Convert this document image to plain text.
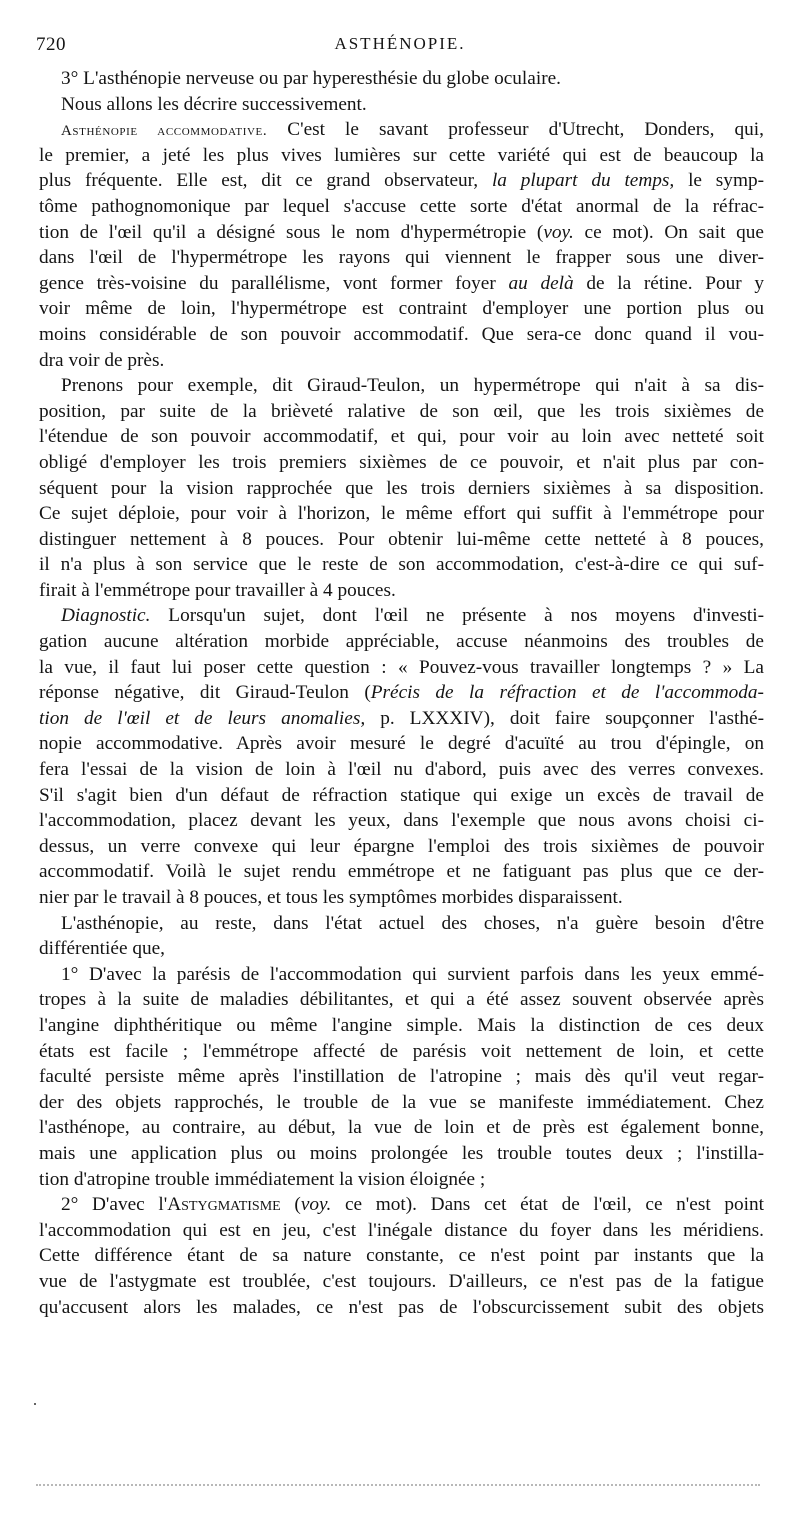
720	ASTHÉNOPIE.
3° L'asthénopie nerveuse ou par hyperesthésie du globe oculaire.
Nous allons les décrire successivement.
Asthénopie accommodative. C'est le savant professeur d'Utrecht, Donders, qui,
le premier, a jeté les plus vives lumières sur cette variété qui est de beaucoup la
plus fréquente. Elle est, dit ce grand observateur, la plupart du temps, le symp-
tôme pathognomonique par lequel s'accuse cette sorte d'état anormal de la réfrac-
tion de l'œil qu'il a désigné sous le nom d'hypermétropie (voy. ce mot). On sait que
dans l'œil de l'hypermétrope les rayons qui viennent le frapper sous une diver-
gence très-voisine du parallélisme, vont former foyer au delà de la rétine. Pour y
voir même de loin, l'hypermétrope est contraint d'employer une portion plus ou
moins considérable de son pouvoir accommodatif. Que sera-ce donc quand il vou-
dra voir de près.
Prenons pour exemple, dit Giraud-Teulon, un hypermétrope qui n'ait à sa dis-
position, par suite de la brièveté ralative de son œil, que les trois sixièmes de
l'étendue de son pouvoir accommodatif, et qui, pour voir au loin avec netteté soit
obligé d'employer les trois premiers sixièmes de ce pouvoir, et n'ait plus par con-
séquent pour la vision rapprochée que les trois derniers sixièmes à sa disposition.
Ce sujet déploie, pour voir à l'horizon, le même effort qui suffit à l'emmétrope pour
distinguer nettement à 8 pouces. Pour obtenir lui-même cette netteté à 8 pouces,
il n'a plus à son service que le reste de son accommodation, c'est-à-dire ce qui suf-
firait à l'emmétrope pour travailler à 4 pouces.
Diagnostic. Lorsqu'un sujet, dont l'œil ne présente à nos moyens d'investi-
gation aucune altération morbide appréciable, accuse néanmoins des troubles de
la vue, il faut lui poser cette question : « Pouvez-vous travailler longtemps ? » La
réponse négative, dit Giraud-Teulon (Précis de la réfraction et de l'accommoda-
tion de l'œil et de leurs anomalies, p. LXXXIV), doit faire soupçonner l'asthé-
nopie accommodative. Après avoir mesuré le degré d'acuïté au trou d'épingle, on
fera l'essai de la vision de loin à l'œil nu d'abord, puis avec des verres convexes.
S'il s'agit bien d'un défaut de réfraction statique qui exige un excès de travail de
l'accommodation, placez devant les yeux, dans l'exemple que nous avons choisi ci-
dessus, un verre convexe qui leur épargne l'emploi des trois sixièmes de pouvoir
accommodatif. Voilà le sujet rendu emmétrope et ne fatiguant pas plus que ce der-
nier par le travail à 8 pouces, et tous les symptômes morbides disparaissent.
L'asthénopie, au reste, dans l'état actuel des choses, n'a guère besoin d'être
différentiée que,
1° D'avec la parésis de l'accommodation qui survient parfois dans les yeux emmé-
tropes à la suite de maladies débilitantes, et qui a été assez souvent observée après
l'angine diphthéritique ou même l'angine simple. Mais la distinction de ces deux
états est facile ; l'emmétrope affecté de parésis voit nettement de loin, et cette
faculté persiste même après l'instillation de l'atropine ; mais dès qu'il veut regar-
der des objets rapprochés, le trouble de la vue se manifeste immédiatement. Chez
l'asthénope, au contraire, au début, la vue de loin et de près est également bonne,
mais une application plus ou moins prolongée les trouble toutes deux ; l'instilla-
tion d'atropine trouble immédiatement la vision éloignée ;
2° D'avec l'Astygmatisme (voy. ce mot). Dans cet état de l'œil, ce n'est point
l'accommodation qui est en jeu, c'est l'inégale distance du foyer dans les méridiens.
Cette différence étant de sa nature constante, ce n'est point par instants que la
vue de l'astygmate est troublée, c'est toujours. D'ailleurs, ce n'est pas de la fatigue
qu'accusent alors les malades, ce n'est pas de l'obscurcissement subit des objets
